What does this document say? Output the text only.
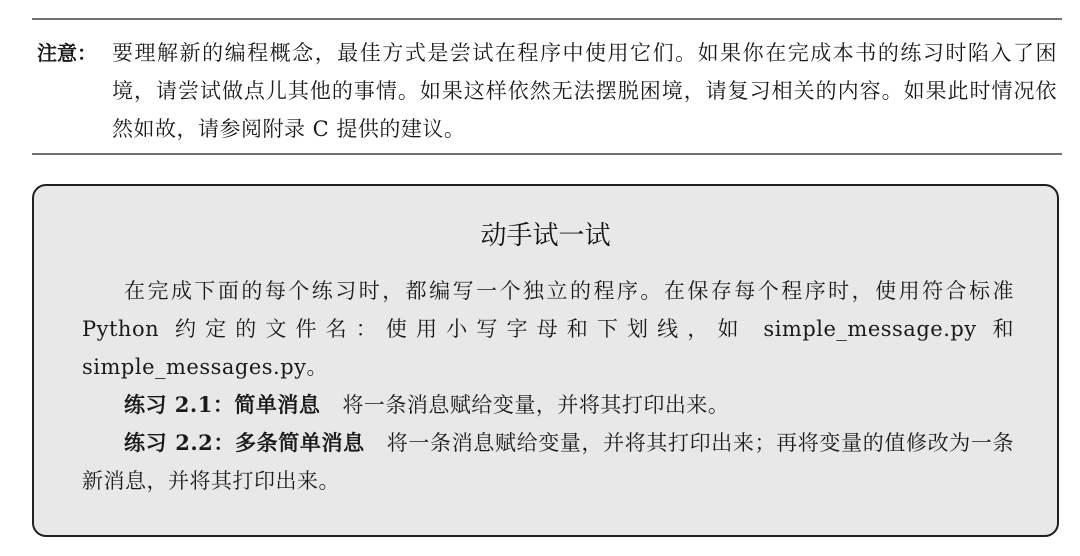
注意： 要理解新的编程概念，最佳方式是尝试在程序中使用它们。如果你在完成本书的练习时陷入了困境，请尝试做点儿其他的事情。如果这样依然无法摆脱困境，请复习相关的内容。如果此时情况依然如故，请参阅附录 C 提供的建议。
动手试一试

在完成下面的每个练习时，都编写一个独立的程序。在保存每个程序时，使用符合标准 Python 约定的文件名：使用小写字母和下划线，如 simple_message.py 和 simple_messages.py。

练习 2.1：简单消息 将一条消息赋给变量，并将其打印出来。

练习 2.2：多条简单消息 将一条消息赋给变量，并将其打印出来；再将变量的值修改为一条新消息，并将其打印出来。
